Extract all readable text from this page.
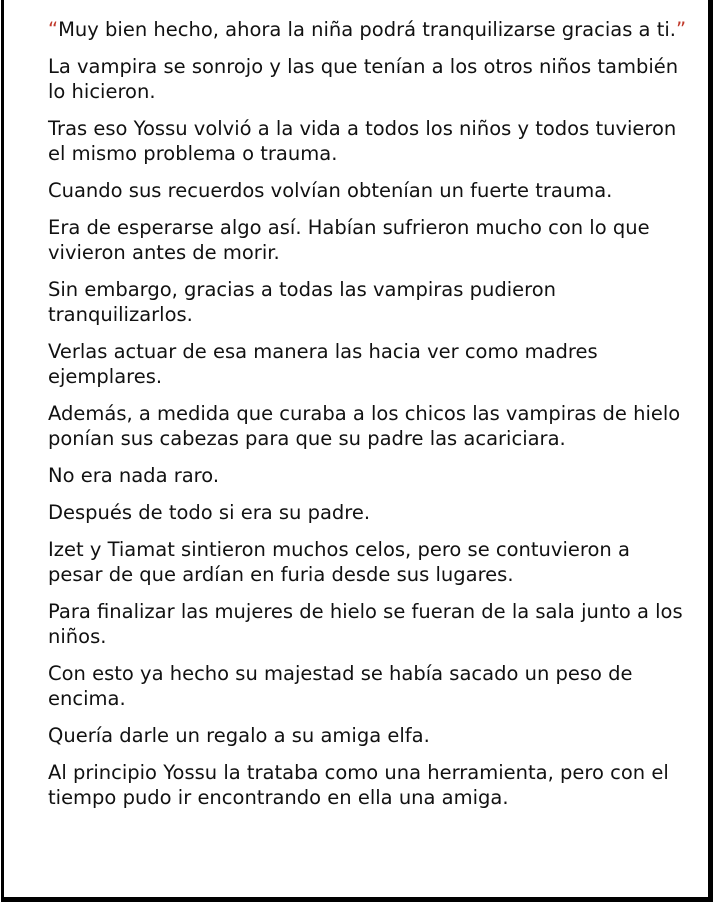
“Muy bien hecho, ahora la niña podrá tranquilizarse gracias a ti.”

La vampira se sonrojo y las que tenían a los otros niños también lo hicieron.

Tras eso Yossu volvió a la vida a todos los niños y todos tuvieron el mismo problema o trauma.

Cuando sus recuerdos volvían obtenían un fuerte trauma.

Era de esperarse algo así. Habían sufrieron mucho con lo que vivieron antes de morir.

Sin embargo, gracias a todas las vampiras pudieron tranquilizarlos.

Verlas actuar de esa manera las hacia ver como madres ejemplares.

Además, a medida que curaba a los chicos las vampiras de hielo ponían sus cabezas para que su padre las acariciara.

No era nada raro.

Después de todo si era su padre.

Izet y Tiamat sintieron muchos celos, pero se contuvieron a pesar de que ardían en furia desde sus lugares.

Para finalizar las mujeres de hielo se fueran de la sala junto a los niños.

Con esto ya hecho su majestad se había sacado un peso de encima.

Quería darle un regalo a su amiga elfa.

Al principio Yossu la trataba como una herramienta, pero con el tiempo pudo ir encontrando en ella una amiga.
